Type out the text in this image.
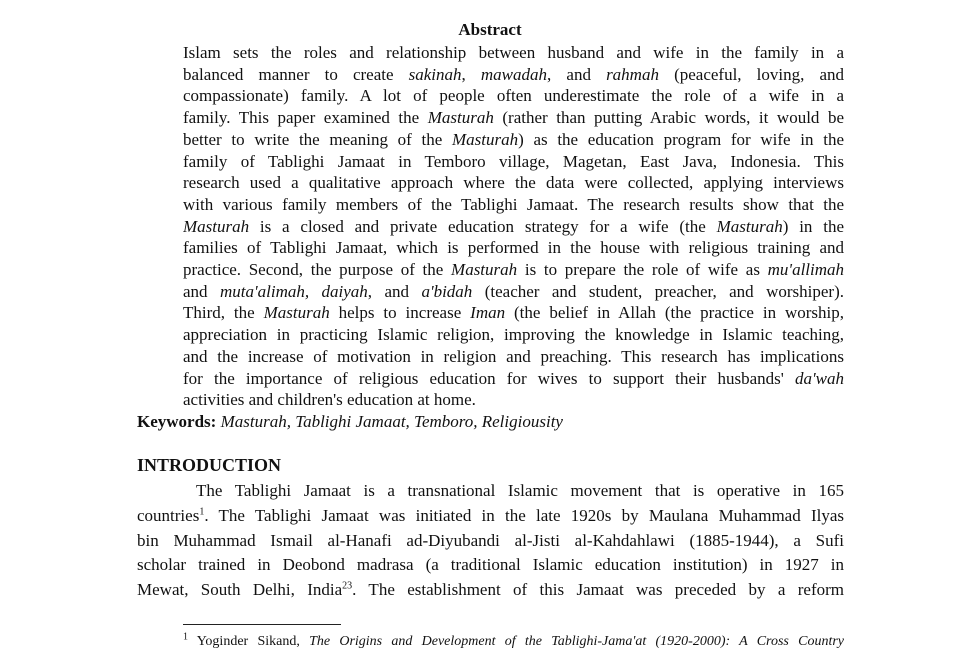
Abstract
Islam sets the roles and relationship between husband and wife in the family in a
balanced manner to create sakinah, mawadah, and rahmah (peaceful, loving, and
compassionate) family. A lot of people often underestimate the role of a wife in a
family. This paper examined the Masturah (rather than putting Arabic words, it would be
better to write the meaning of the Masturah) as the education program for wife in the
family of Tablighi Jamaat in Temboro village, Magetan, East Java, Indonesia. This
research used a qualitative approach where the data were collected, applying interviews
with various family members of the Tablighi Jamaat. The research results show that the
Masturah is a closed and private education strategy for a wife (the Masturah) in the
families of Tablighi Jamaat, which is performed in the house with religious training and
practice. Second, the purpose of the Masturah is to prepare the role of wife as mu'allimah
and muta'alimah, daiyah, and a'bidah (teacher and student, preacher, and worshiper).
Third, the Masturah helps to increase Iman (the belief in Allah (the practice in worship,
appreciation in practicing Islamic religion, improving the knowledge in Islamic teaching,
and the increase of motivation in religion and preaching. This research has implications
for the importance of religious education for wives to support their husbands' da'wah
activities and children's education at home.
Keywords: Masturah, Tablighi Jamaat, Temboro, Religiousity
INTRODUCTION
The Tablighi Jamaat is a transnational Islamic movement that is operative in 165
countries$^1$. The Tablighi Jamaat was initiated in the late 1920s by Maulana Muhammad Ilyas
bin Muhammad Ismail al-Hanafi ad-Diyubandi al-Jisti al-Kahdahlawi (1885-1944), a Sufi
scholar trained in Deobond madrasa (a traditional Islamic education institution) in 1927 in
Mewat, South Delhi, India$^{23}$. The establishment of this Jamaat was preceded by a reform
$^1$ Yoginder Sikand, The Origins and Development of the Tablighi-Jama'at (1920-2000): A Cross Country
